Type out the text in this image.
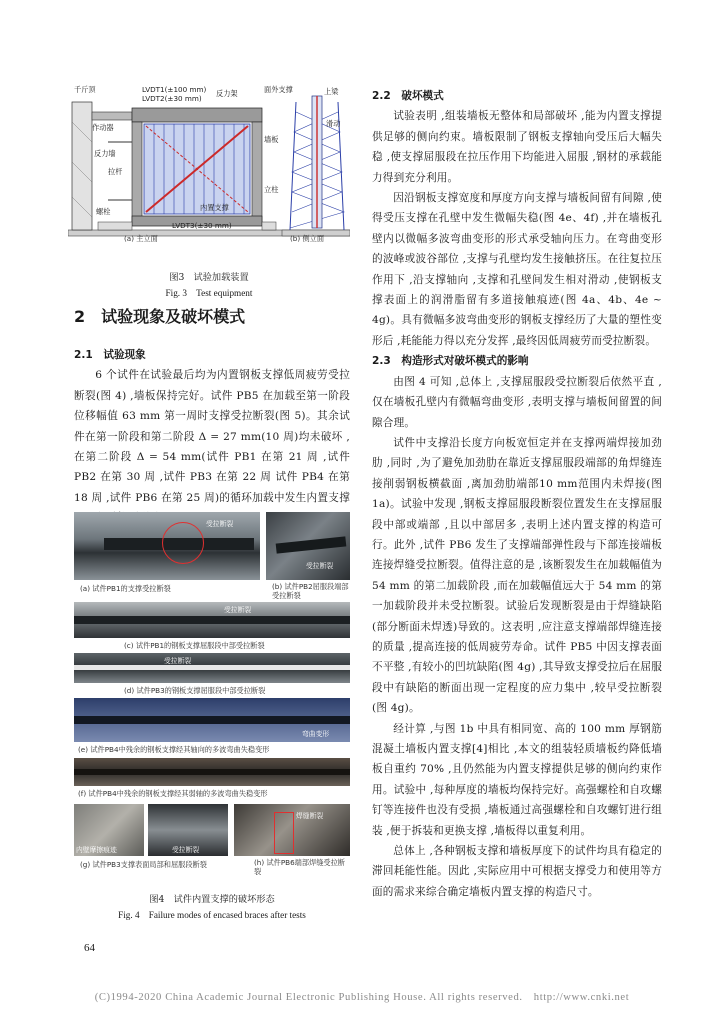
千斤顶
作动器
反力墙
拉杆
螺栓
LVDT1(±100 mm)
LVDT2(±30 mm)
LVDT3(±30 mm)
内置支撑
反力架	面外支撑	上梁
墙板
滑动
立柱
(a) 主立面	(b) 侧立面

图3　试验加载装置

Fig. 3　Test equipment

2　 试验现象及破坏模式

2.1　试验现象

6 个试件在试验最后均为内置钢板支撑低周疲劳受拉断裂(图 4) ,墙板保持完好。试件 PB5 在加载至第一阶段位移幅值 63 mm 第一周时支撑受拉断裂(图 5)。其余试件在第一阶段和第二阶段 Δ = 27 mm(10 周)均未破坏 ,在第二阶段 Δ = 54 mm(试件 PB1 在第 21 周 ,试件 PB2 在第 30 周 ,试件 PB3 在第 22 周 试件 PB4 在第 18 周 ,试件 PB6 在第 25 周)的循环加载中发生内置支撑

受拉断裂
受拉断裂
(a) 试件PB1的支撑受拉断裂	(b) 试件PB2屈服段端部受拉断裂
受拉断裂
(c) 试件PB1的钢板支撑屈服段中部受拉断裂
受拉断裂
(d) 试件PB3的钢板支撑屈服段中部受拉断裂
弯曲变形
(e) 试件PB4中残余的钢板支撑经其轴向的多波弯曲失稳变形
(f) 试件PB4中残余的钢板支撑经其弱轴的多波弯曲失稳变形
内壁摩擦痕迹	受拉断裂
焊缝断裂
(g) 试件PB3支撑表面局部和屈服段断裂	(h) 试件PB6端部焊缝受拉断裂

图4　试件内置支撑的破坏形态

Fig. 4　Failure modes of encased braces after tests

2.2　破坏模式

试验表明 ,组装墙板无整体和局部破坏 ,能为内置支撑提供足够的侧向约束。墙板限制了钢板支撑轴向受压后大幅失稳 ,使支撑屈服段在拉压作用下均能进入屈服 ,钢材的承载能力得到充分利用。

因沿钢板支撑宽度和厚度方向支撑与墙板间留有间隙 ,使得受压支撑在孔壁中发生微幅失稳(图 4e、4f) ,并在墙板孔壁内以微幅多波弯曲变形的形式承受轴向压力。在弯曲变形的波峰或波谷部位 ,支撑与孔壁均发生接触挤压。在往复拉压作用下 ,沿支撑轴向 ,支撑和孔壁间发生相对滑动 ,使钢板支撑表面上的润滑脂留有多道接触痕迹(图 4a、4b、4e ~ 4g)。具有微幅多波弯曲变形的钢板支撑经历了大量的塑性变形后 ,耗能能力得以充分发挥 ,最终因低周疲劳而受拉断裂。

2.3　构造形式对破坏模式的影响

由图 4 可知 ,总体上 ,支撑屈服段受拉断裂后依然平直 ,仅在墙板孔壁内有微幅弯曲变形 ,表明支撑与墙板间留置的间隙合理。

试件中支撑沿长度方向板宽恒定并在支撑两端焊接加劲肋 ,同时 ,为了避免加劲肋在靠近支撑屈服段端部的角焊缝连接削弱钢板横截面 ,离加劲肋端部10 mm范围内未焊接(图 1a)。试验中发现 ,钢板支撑屈服段断裂位置发生在支撑屈服段中部或端部 ,且以中部居多 ,表明上述内置支撑的构造可行。此外 ,试件 PB6 发生了支撑端部弹性段与下部连接端板连接焊缝受拉断裂。值得注意的是 ,该断裂发生在加载幅值为 54 mm 的第二加载阶段 ,而在加载幅值远大于 54 mm 的第一加载阶段并未受拉断裂。试验后发现断裂是由于焊缝缺陷(部分断面未焊透)导致的。这表明 ,应注意支撑端部焊缝连接的质量 ,提高连接的低周疲劳寿命。试件 PB5 中因支撑表面不平整 ,有较小的凹坑缺陷(图 4g) ,其导致支撑受拉后在屈服段中有缺陷的断面出现一定程度的应力集中 ,较早受拉断裂(图 4g)。

经计算 ,与图 1b 中具有相同宽、高的 100 mm 厚钢筋混凝土墙板内置支撑[4]相比 ,本文的组装轻质墙板约降低墙板自重约 70% ,且仍然能为内置支撑提供足够的侧向约束作用。试验中 ,每种厚度的墙板均保持完好。高强螺栓和自攻螺钉等连接件也没有受损 ,墙板通过高强螺栓和自攻螺钉进行组装 ,便于拆装和更换支撑 ,墙板得以重复利用。

总体上 ,各种钢板支撑和墙板厚度下的试件均具有稳定的滞回耗能性能。因此 ,实际应用中可根据支撑受力和使用等方面的需求来综合确定墙板内置支撑的构造尺寸。

64
(C)1994-2020 China Academic Journal Electronic Publishing House. All rights reserved.　http://www.cnki.net
